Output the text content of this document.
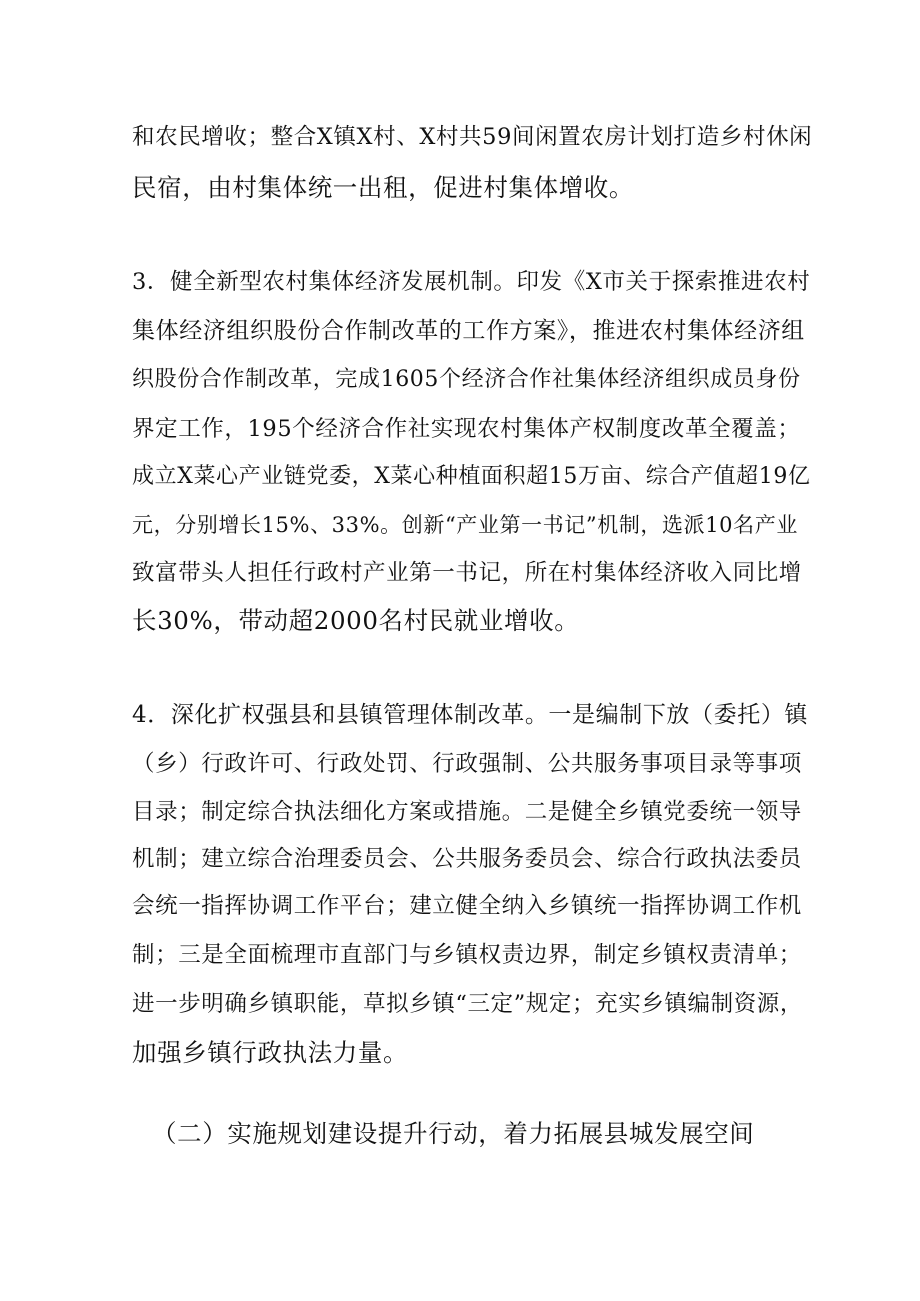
和农民增收；整合X镇X村、X村共59间闲置农房计划打造乡村休闲
民宿，由村集体统一出租，促进村集体增收。
3．健全新型农村集体经济发展机制。印发《X市关于探索推进农村
集体经济组织股份合作制改革的工作方案》，推进农村集体经济组
织股份合作制改革，完成1605个经济合作社集体经济组织成员身份
界定工作，195个经济合作社实现农村集体产权制度改革全覆盖；
成立X菜心产业链党委，X菜心种植面积超15万亩、综合产值超19亿
元，分别增长15%、33%。创新“产业第一书记”机制，选派10名产业
致富带头人担任行政村产业第一书记，所在村集体经济收入同比增
长30%，带动超2000名村民就业增收。
4．深化扩权强县和县镇管理体制改革。一是编制下放（委托）镇
（乡）行政许可、行政处罚、行政强制、公共服务事项目录等事项
目录；制定综合执法细化方案或措施。二是健全乡镇党委统一领导
机制；建立综合治理委员会、公共服务委员会、综合行政执法委员
会统一指挥协调工作平台；建立健全纳入乡镇统一指挥协调工作机
制；三是全面梳理市直部门与乡镇权责边界，制定乡镇权责清单；
进一步明确乡镇职能，草拟乡镇“三定”规定；充实乡镇编制资源，
加强乡镇行政执法力量。
（二）实施规划建设提升行动，着力拓展县城发展空间
